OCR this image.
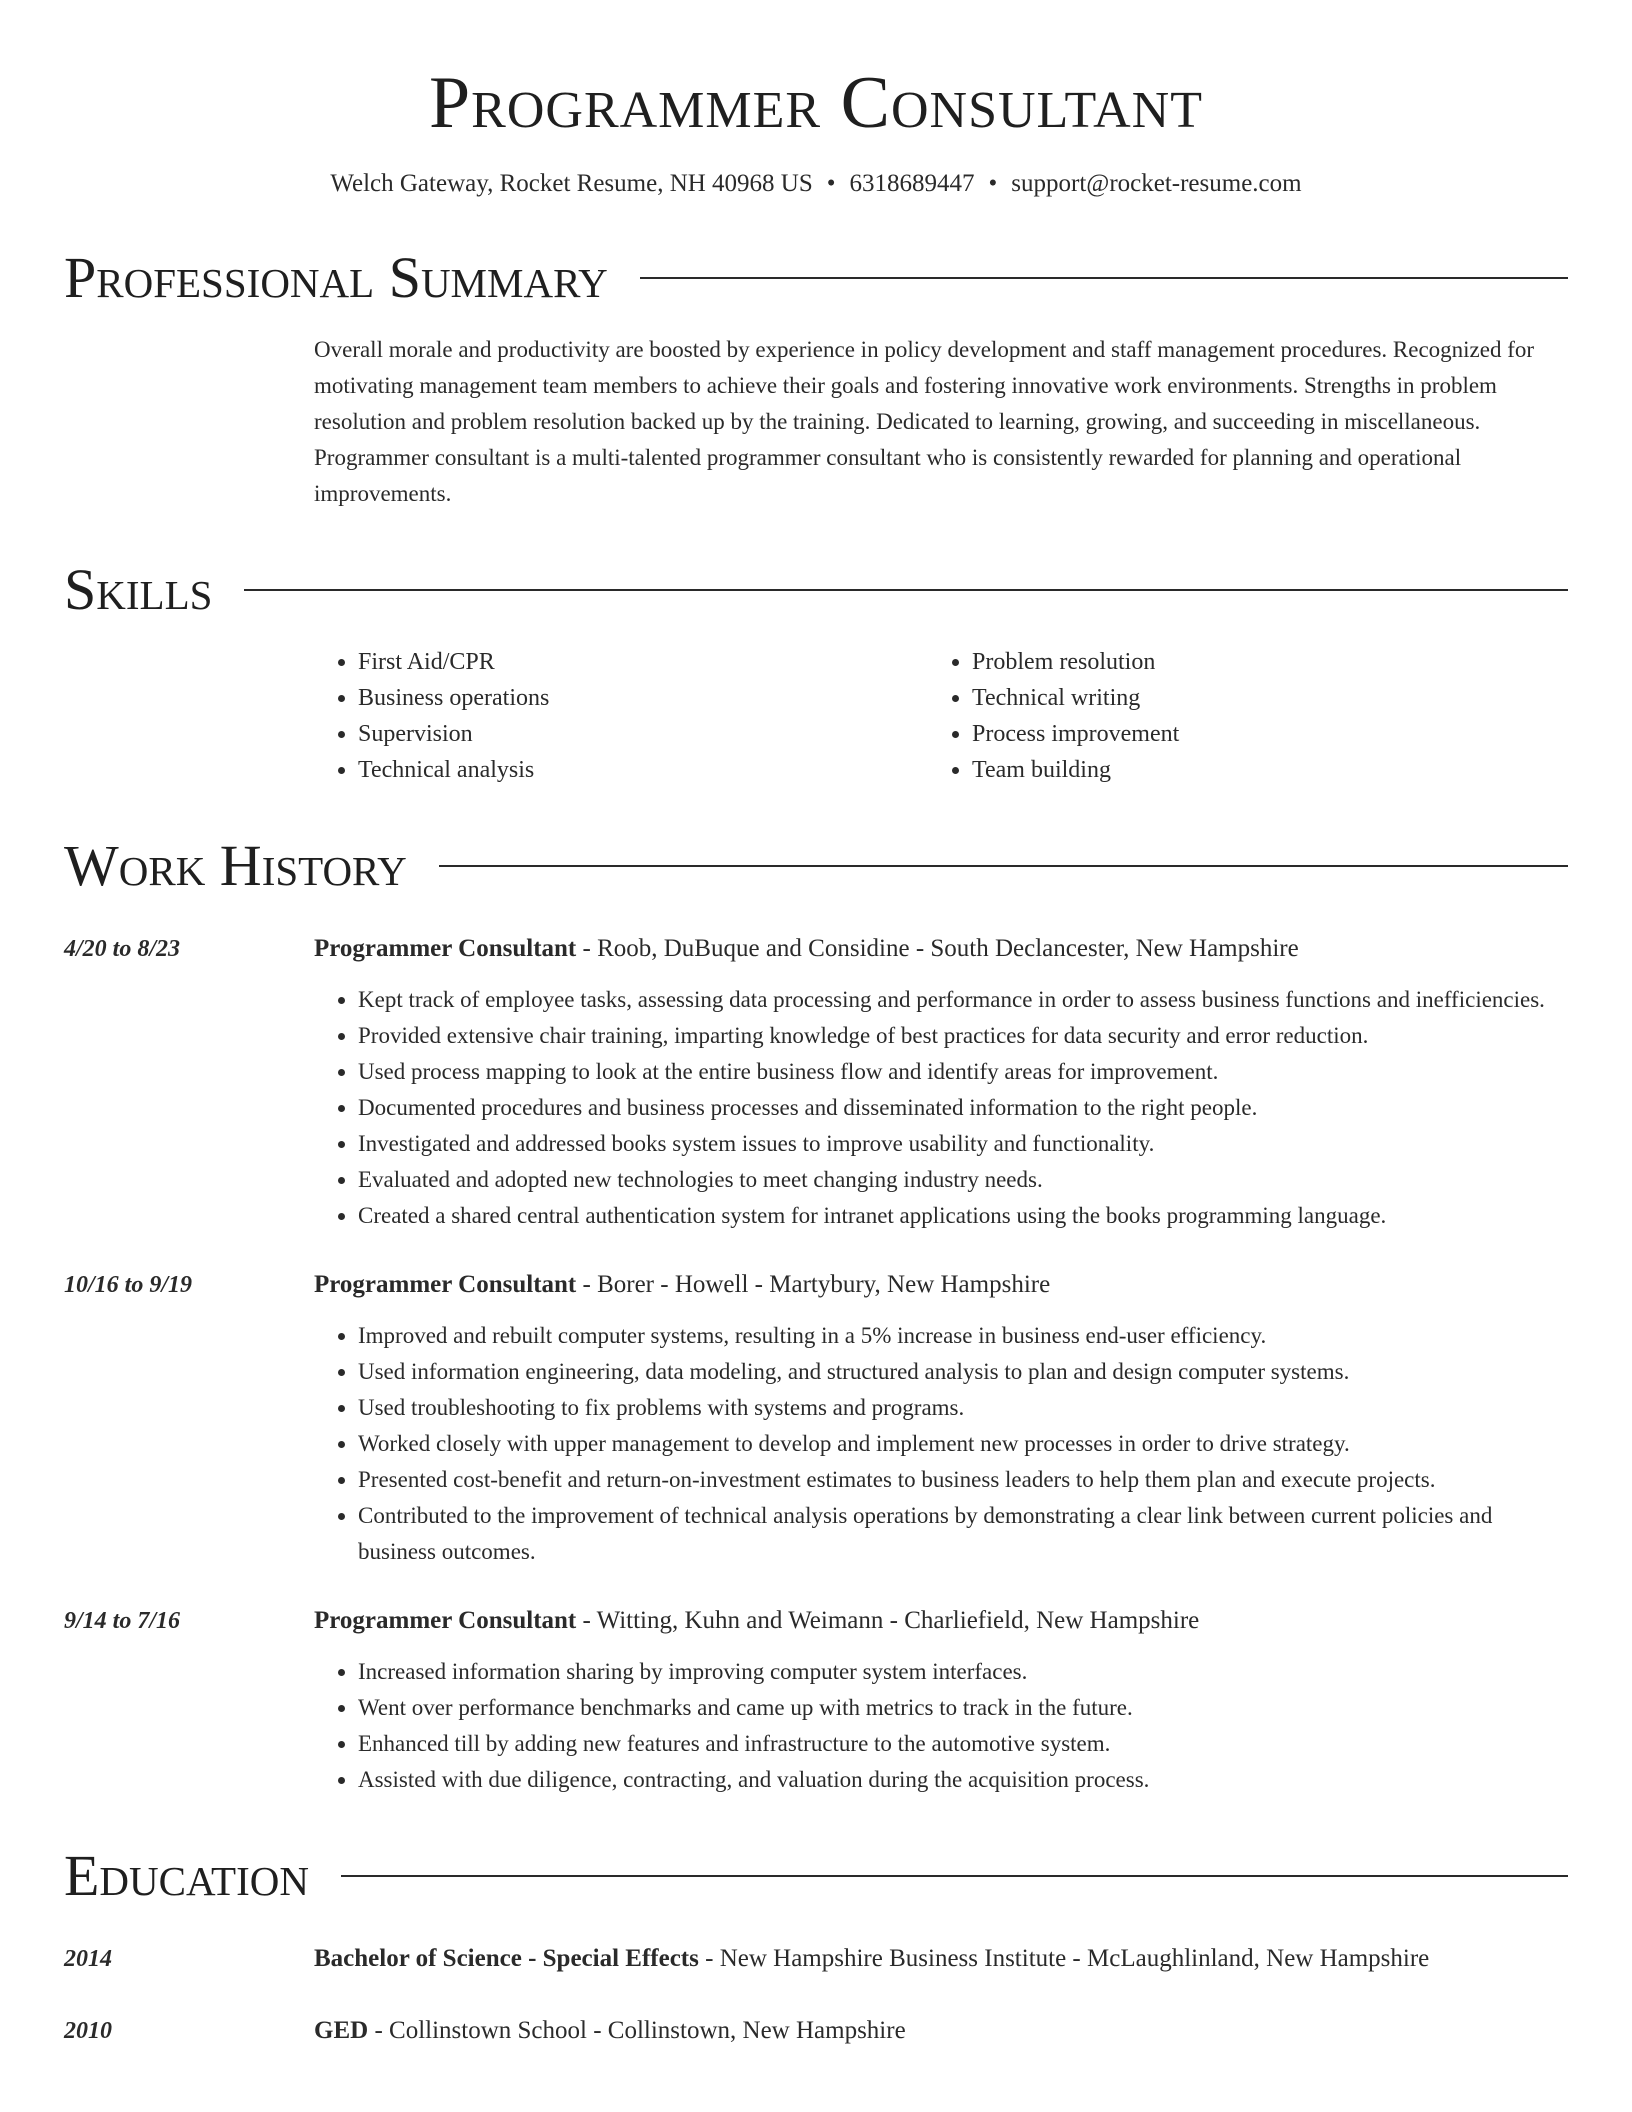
Programmer Consultant
Welch Gateway, Rocket Resume, NH 40968 US • 6318689447 • support@rocket-resume.com
Professional Summary
Overall morale and productivity are boosted by experience in policy development and staff management procedures. Recognized for motivating management team members to achieve their goals and fostering innovative work environments. Strengths in problem resolution and problem resolution backed up by the training. Dedicated to learning, growing, and succeeding in miscellaneous. Programmer consultant is a multi-talented programmer consultant who is consistently rewarded for planning and operational improvements.
Skills
• First Aid/CPR
• Business operations
• Supervision
• Technical analysis
• Problem resolution
• Technical writing
• Process improvement
• Team building
Work History
4/20 to 8/23	Programmer Consultant - Roob, DuBuque and Considine - South Declancester, New Hampshire
• Kept track of employee tasks, assessing data processing and performance in order to assess business functions and inefficiencies.
• Provided extensive chair training, imparting knowledge of best practices for data security and error reduction.
• Used process mapping to look at the entire business flow and identify areas for improvement.
• Documented procedures and business processes and disseminated information to the right people.
• Investigated and addressed books system issues to improve usability and functionality.
• Evaluated and adopted new technologies to meet changing industry needs.
• Created a shared central authentication system for intranet applications using the books programming language.
10/16 to 9/19	Programmer Consultant - Borer - Howell - Martybury, New Hampshire
• Improved and rebuilt computer systems, resulting in a 5% increase in business end-user efficiency.
• Used information engineering, data modeling, and structured analysis to plan and design computer systems.
• Used troubleshooting to fix problems with systems and programs.
• Worked closely with upper management to develop and implement new processes in order to drive strategy.
• Presented cost-benefit and return-on-investment estimates to business leaders to help them plan and execute projects.
• Contributed to the improvement of technical analysis operations by demonstrating a clear link between current policies and business outcomes.
9/14 to 7/16	Programmer Consultant - Witting, Kuhn and Weimann - Charliefield, New Hampshire
• Increased information sharing by improving computer system interfaces.
• Went over performance benchmarks and came up with metrics to track in the future.
• Enhanced till by adding new features and infrastructure to the automotive system.
• Assisted with due diligence, contracting, and valuation during the acquisition process.
Education
2014	Bachelor of Science - Special Effects - New Hampshire Business Institute - McLaughlinland, New Hampshire
2010	GED - Collinstown School - Collinstown, New Hampshire
